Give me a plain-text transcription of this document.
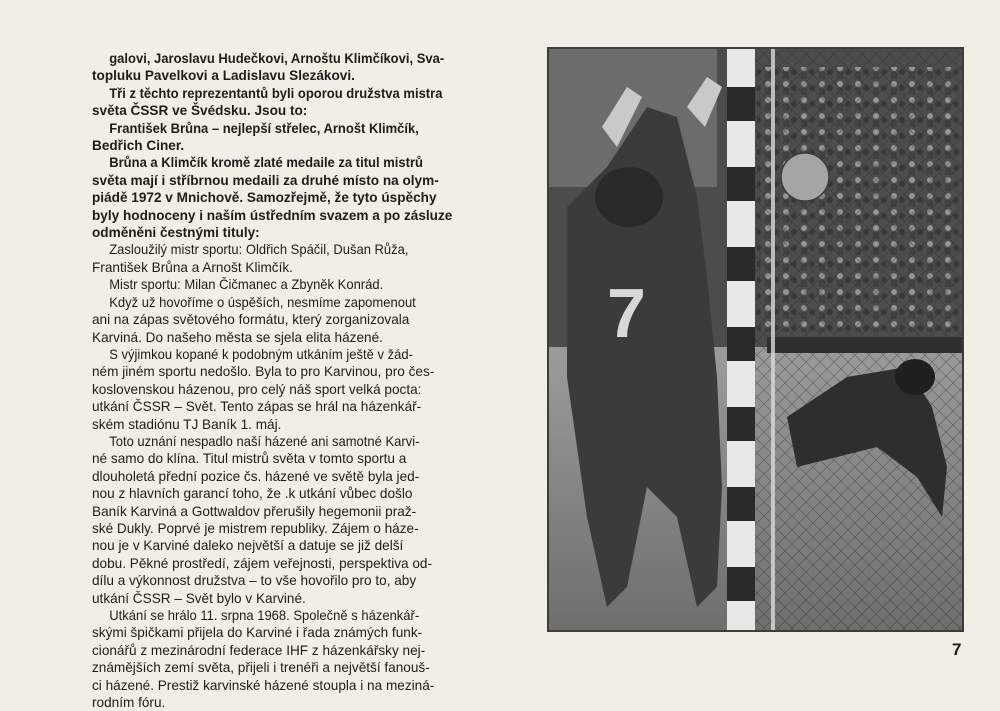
galovi, Jaroslavu Hudečkovi, Arnoštu Klimčíkovi, Sva-
topluku Pavelkovi a Ladislavu Slezákovi.
Tři z těchto reprezentantů byli oporou družstva mistra
světa ČSSR ve Švédsku. Jsou to:
František Brůna – nejlepší střelec, Arnošt Klimčík,
Bedřich Ciner.
Brůna a Klimčík kromě zlaté medaile za titul mistrů
světa mají i stříbrnou medaili za druhé místo na olym-
piádě 1972 v Mnichově. Samozřejmě, že tyto úspěchy
byly hodnoceny i naším ústředním svazem a po zásluze
odměněni čestnými tituly:
Zasloužilý mistr sportu: Oldřich Spáčil, Dušan Růža,
František Brůna a Arnošt Klimčík.
Mistr sportu: Milan Čičmanec a Zbyněk Konrád.
Když už hovoříme o úspěších, nesmíme zapomenout
ani na zápas světového formátu, který zorganizovala
Karviná. Do našeho města se sjela elita házené.
S výjimkou kopané k podobným utkáním ještě v žád-
ném jiném sportu nedošlo. Byla to pro Karvinou, pro čes-
koslovenskou házenou, pro celý náš sport velká pocta:
utkání ČSSR – Svět. Tento zápas se hrál na házenkář-
ském stadiónu TJ Baník 1. máj.
Toto uznání nespadlo naší házené ani samotné Karvi-
né samo do klína. Titul mistrů světa v tomto sportu a
dlouholetá přední pozice čs. házené ve světě byla jed-
nou z hlavních garancí toho, že .k utkání vůbec došlo
Baník Karviná a Gottwaldov přerušily hegemonii praž-
ské Dukly. Poprvé je mistrem republiky. Zájem o háze-
nou je v Karviné daleko největší a datuje se již delší
dobu. Pěkné prostředí, zájem veřejnosti, perspektiva od-
dílu a výkonnost družstva – to vše hovořilo pro to, aby
utkání ČSSR – Svět bylo v Karviné.
Utkání se hrálo 11. srpna 1968. Společně s házenkář-
skými špičkami přijela do Karviné i řada známých funk-
cionářů z mezinárodní federace IHF z házenkářsky nej-
známějších zemí světa, přijeli i trenéři a největší fanouš-
ci házené. Prestiž karvinské házené stoupla i na meziná-
rodním fóru.
7
7
